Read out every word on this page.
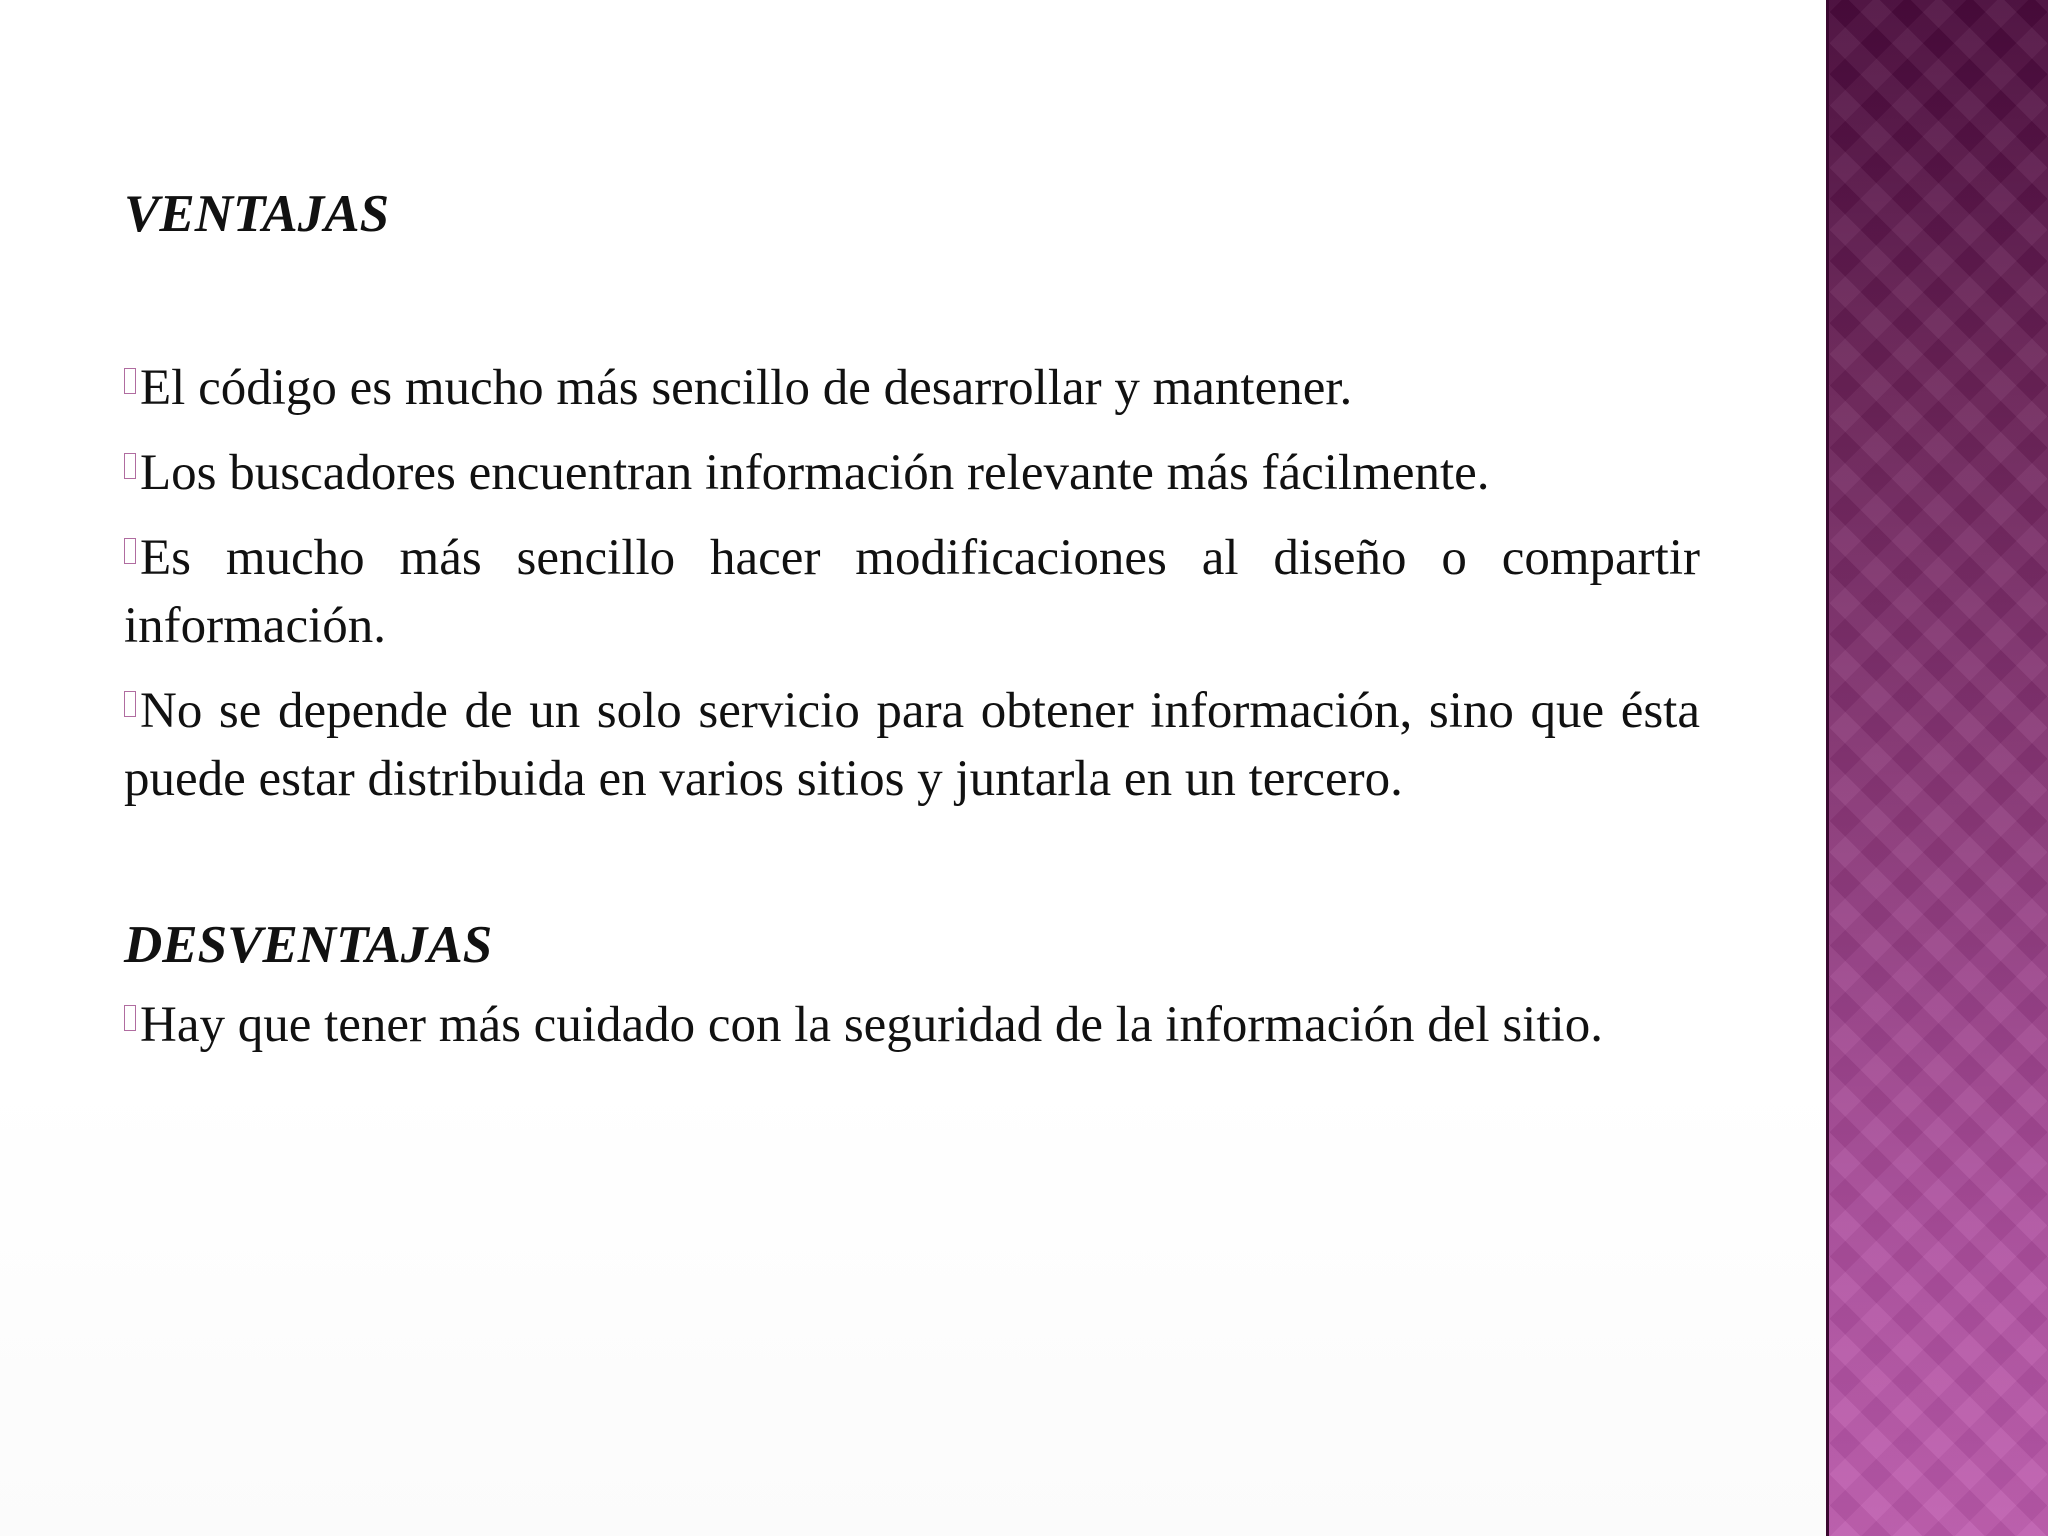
VENTAJAS

El código es mucho más sencillo de desarrollar y mantener.

Los buscadores encuentran información relevante más fácilmente.

Es mucho más sencillo hacer modificaciones al diseño o compartir información.

No se depende de un solo servicio para obtener información, sino que ésta puede estar distribuida en varios sitios y juntarla en un tercero.

DESVENTAJAS

Hay que tener más cuidado con la seguridad de la información del sitio.
